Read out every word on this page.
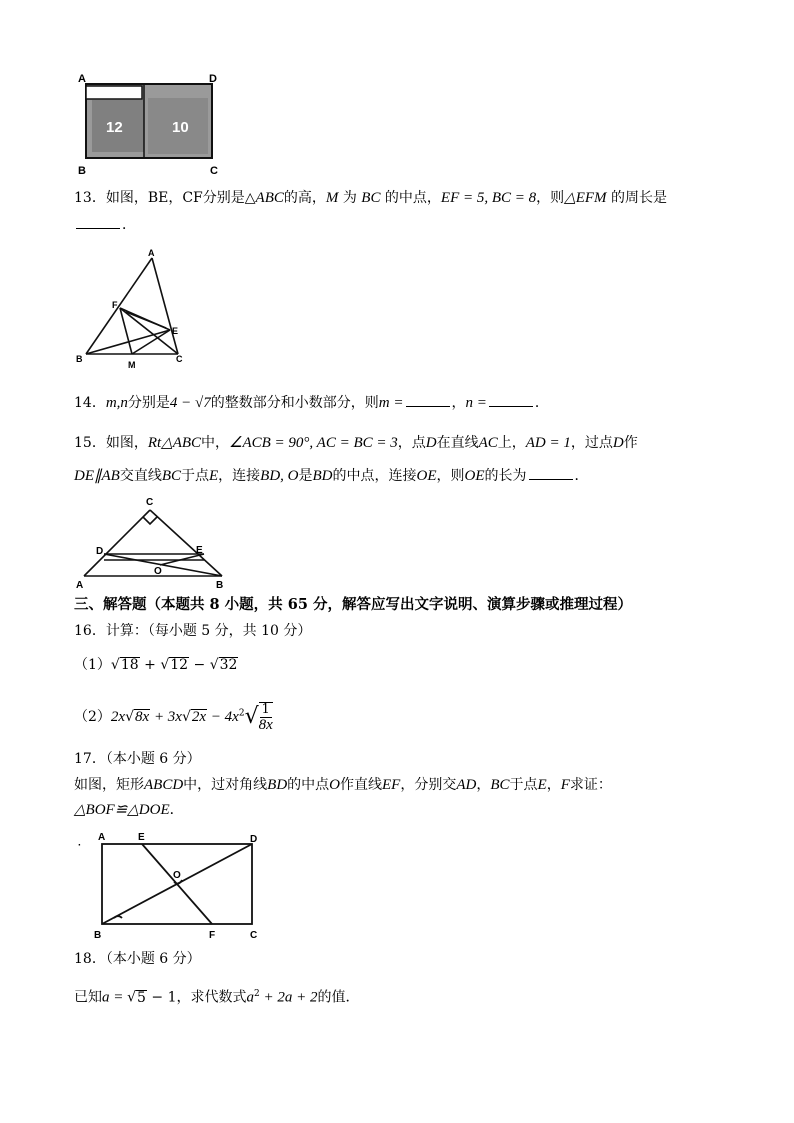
A	D
B	C
12	10
13．如图，BE，CF分别是△ABC的高，M 为 BC 的中点，EF = 5, BC = 8，则△EFM 的周长是
．
A
F
E
B
M
C
14．m,n分别是4 − √7的整数部分和小数部分，则m =	，n =	．
15．如图，Rt△ABC中，∠ACB = 90°, AC = BC = 3，点D在直线AC上，AD = 1，过点D作
DE∥AB交直线BC于点E，连接BD, O是BD的中点，连接OE，则OE的长为	．
C
D	E
O
A	B
三、解答题（本题共 8 小题，共 65 分，解答应写出文字说明、演算步骤或推理过程）
16．计算：（每小题 5 分，共 10 分）
（1）√18 + √12 − √32
$(2)2x√8x + 3x√2x - 4x^2√ \frac{1}{8x}$
17．（本小题 6 分）
如图，矩形ABCD中，过对角线BD的中点O作直线EF，分别交AD，BC于点E，F求证：
△BOF≌△DOE．
·
A	E	D
O
B	F	C
18．（本小题 6 分）
已知a = √5 − 1，求代数式$a^2 + 2a + 2$的值．
